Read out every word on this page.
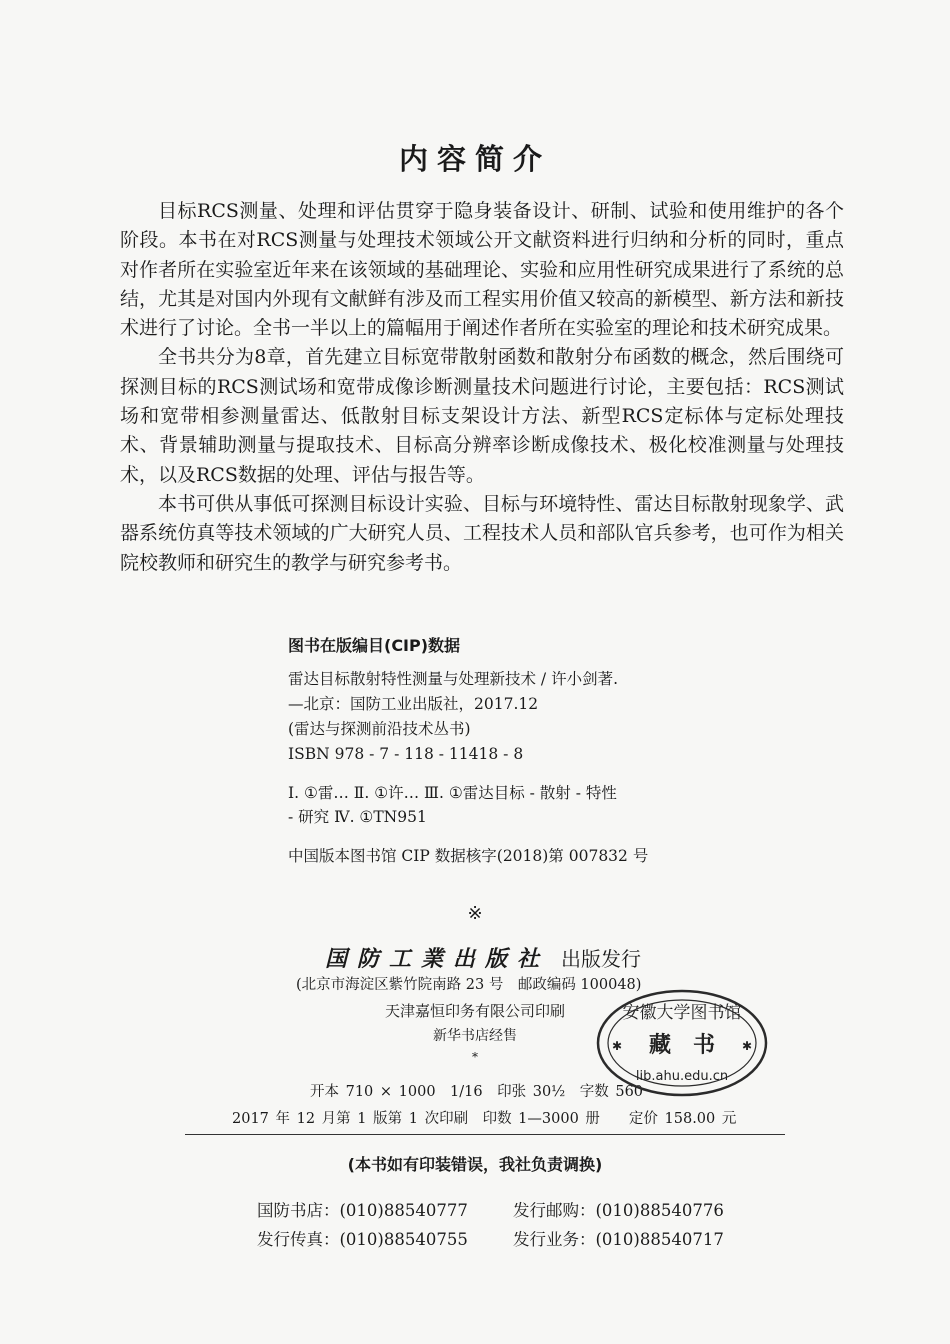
内容简介

目标RCS测量、处理和评估贯穿于隐身装备设计、研制、试验和使用维护的各个阶段。本书在对RCS测量与处理技术领域公开文献资料进行归纳和分析的同时，重点对作者所在实验室近年来在该领域的基础理论、实验和应用性研究成果进行了系统的总结，尤其是对国内外现有文献鲜有涉及而工程实用价值又较高的新模型、新方法和新技术进行了讨论。全书一半以上的篇幅用于阐述作者所在实验室的理论和技术研究成果。

全书共分为8章，首先建立目标宽带散射函数和散射分布函数的概念，然后围绕可探测目标的RCS测试场和宽带成像诊断测量技术问题进行讨论，主要包括：RCS测试场和宽带相参测量雷达、低散射目标支架设计方法、新型RCS定标体与定标处理技术、背景辅助测量与提取技术、目标高分辨率诊断成像技术、极化校准测量与处理技术，以及RCS数据的处理、评估与报告等。

本书可供从事低可探测目标设计实验、目标与环境特性、雷达目标散射现象学、武器系统仿真等技术领域的广大研究人员、工程技术人员和部队官兵参考，也可作为相关院校教师和研究生的教学与研究参考书。

图书在版编目(CIP)数据
雷达目标散射特性测量与处理新技术 / 许小剑著.
—北京：国防工业出版社，2017.12
(雷达与探测前沿技术丛书)
ISBN 978 - 7 - 118 - 11418 - 8
Ⅰ. ①雷… Ⅱ. ①许… Ⅲ. ①雷达目标 - 散射 - 特性
- 研究 Ⅳ. ①TN951
中国版本图书馆 CIP 数据核字(2018)第 007832 号
※
国防工業出版社 出版发行
(北京市海淀区紫竹院南路 23 号　邮政编码 100048)
天津嘉恒印务有限公司印刷
新华书店经售
*
开本 710 × 1000　1/16　印张 30½　字数 560
2017 年 12 月第 1 版第 1 次印刷　印数 1—3000 册　　定价 158.00 元
(本书如有印装错误，我社负责调换)
国防书店：(010)88540777	发行邮购：(010)88540776
发行传真：(010)88540755	发行业务：(010)88540717
安徽大学图书馆
藏　书
lib.ahu.edu.cn
✱	✱
